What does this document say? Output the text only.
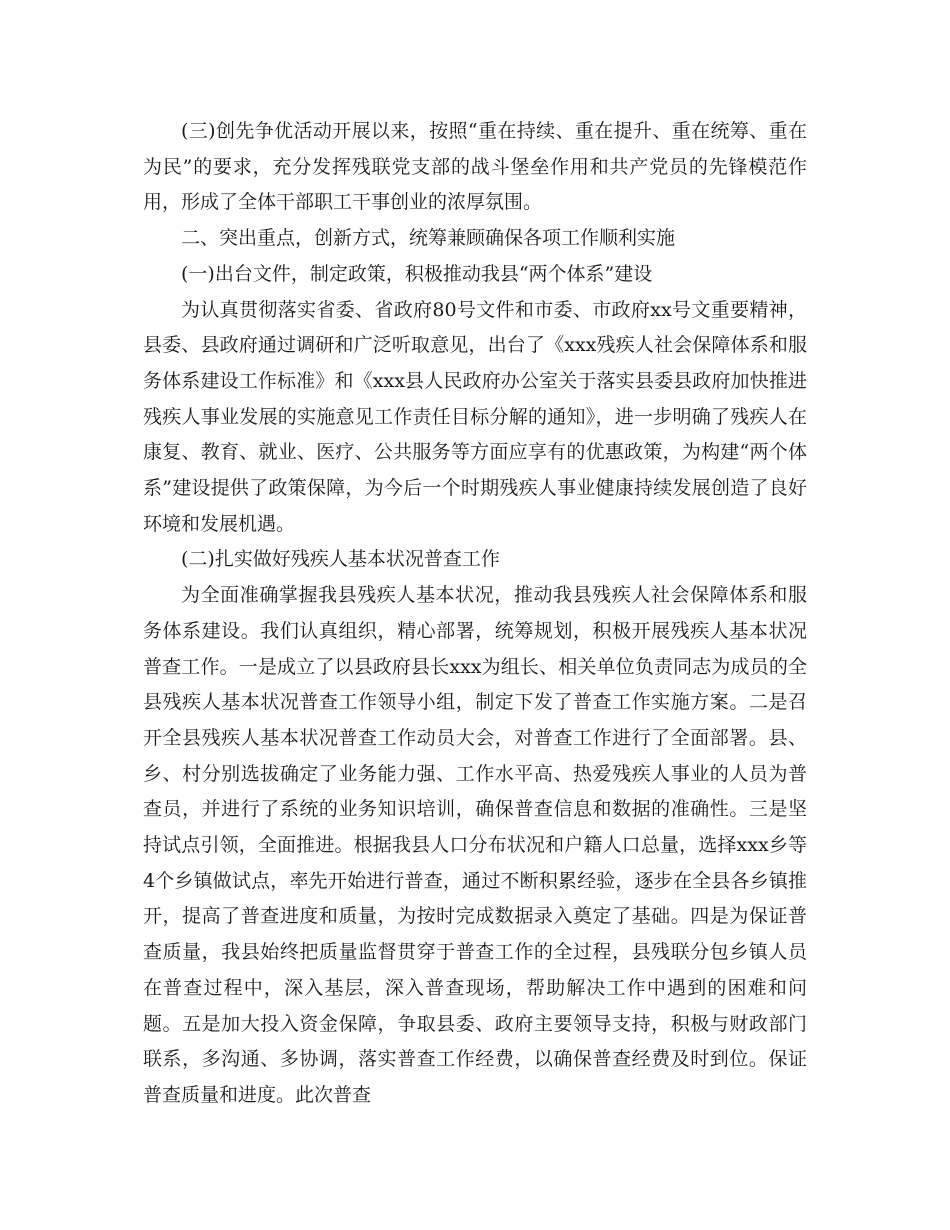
(三)创先争优活动开展以来，按照“重在持续、重在提升、重在统筹、重在为民”的要求，充分发挥残联党支部的战斗堡垒作用和共产党员的先锋模范作用，形成了全体干部职工干事创业的浓厚氛围。

二、突出重点，创新方式，统筹兼顾确保各项工作顺利实施

(一)出台文件，制定政策，积极推动我县“两个体系”建设

为认真贯彻落实省委、省政府80号文件和市委、市政府xx号文重要精神，县委、县政府通过调研和广泛听取意见，出台了《xxx残疾人社会保障体系和服务体系建设工作标准》和《xxx县人民政府办公室关于落实县委县政府加快推进残疾人事业发展的实施意见工作责任目标分解的通知》，进一步明确了残疾人在康复、教育、就业、医疗、公共服务等方面应享有的优惠政策，为构建“两个体系”建设提供了政策保障，为今后一个时期残疾人事业健康持续发展创造了良好环境和发展机遇。

(二)扎实做好残疾人基本状况普查工作

为全面准确掌握我县残疾人基本状况，推动我县残疾人社会保障体系和服务体系建设。我们认真组织，精心部署，统筹规划，积极开展残疾人基本状况普查工作。一是成立了以县政府县长xxx为组长、相关单位负责同志为成员的全县残疾人基本状况普查工作领导小组，制定下发了普查工作实施方案。二是召开全县残疾人基本状况普查工作动员大会，对普查工作进行了全面部署。县、乡、村分别选拔确定了业务能力强、工作水平高、热爱残疾人事业的人员为普查员，并进行了系统的业务知识培训，确保普查信息和数据的准确性。三是坚持试点引领，全面推进。根据我县人口分布状况和户籍人口总量，选择xxx乡等4个乡镇做试点，率先开始进行普查，通过不断积累经验，逐步在全县各乡镇推开，提高了普查进度和质量，为按时完成数据录入奠定了基础。四是为保证普查质量，我县始终把质量监督贯穿于普查工作的全过程，县残联分包乡镇人员在普查过程中，深入基层，深入普查现场，帮助解决工作中遇到的困难和问题。五是加大投入资金保障，争取县委、政府主要领导支持，积极与财政部门联系，多沟通、多协调，落实普查工作经费，以确保普查经费及时到位。保证普查质量和进度。此次普查
